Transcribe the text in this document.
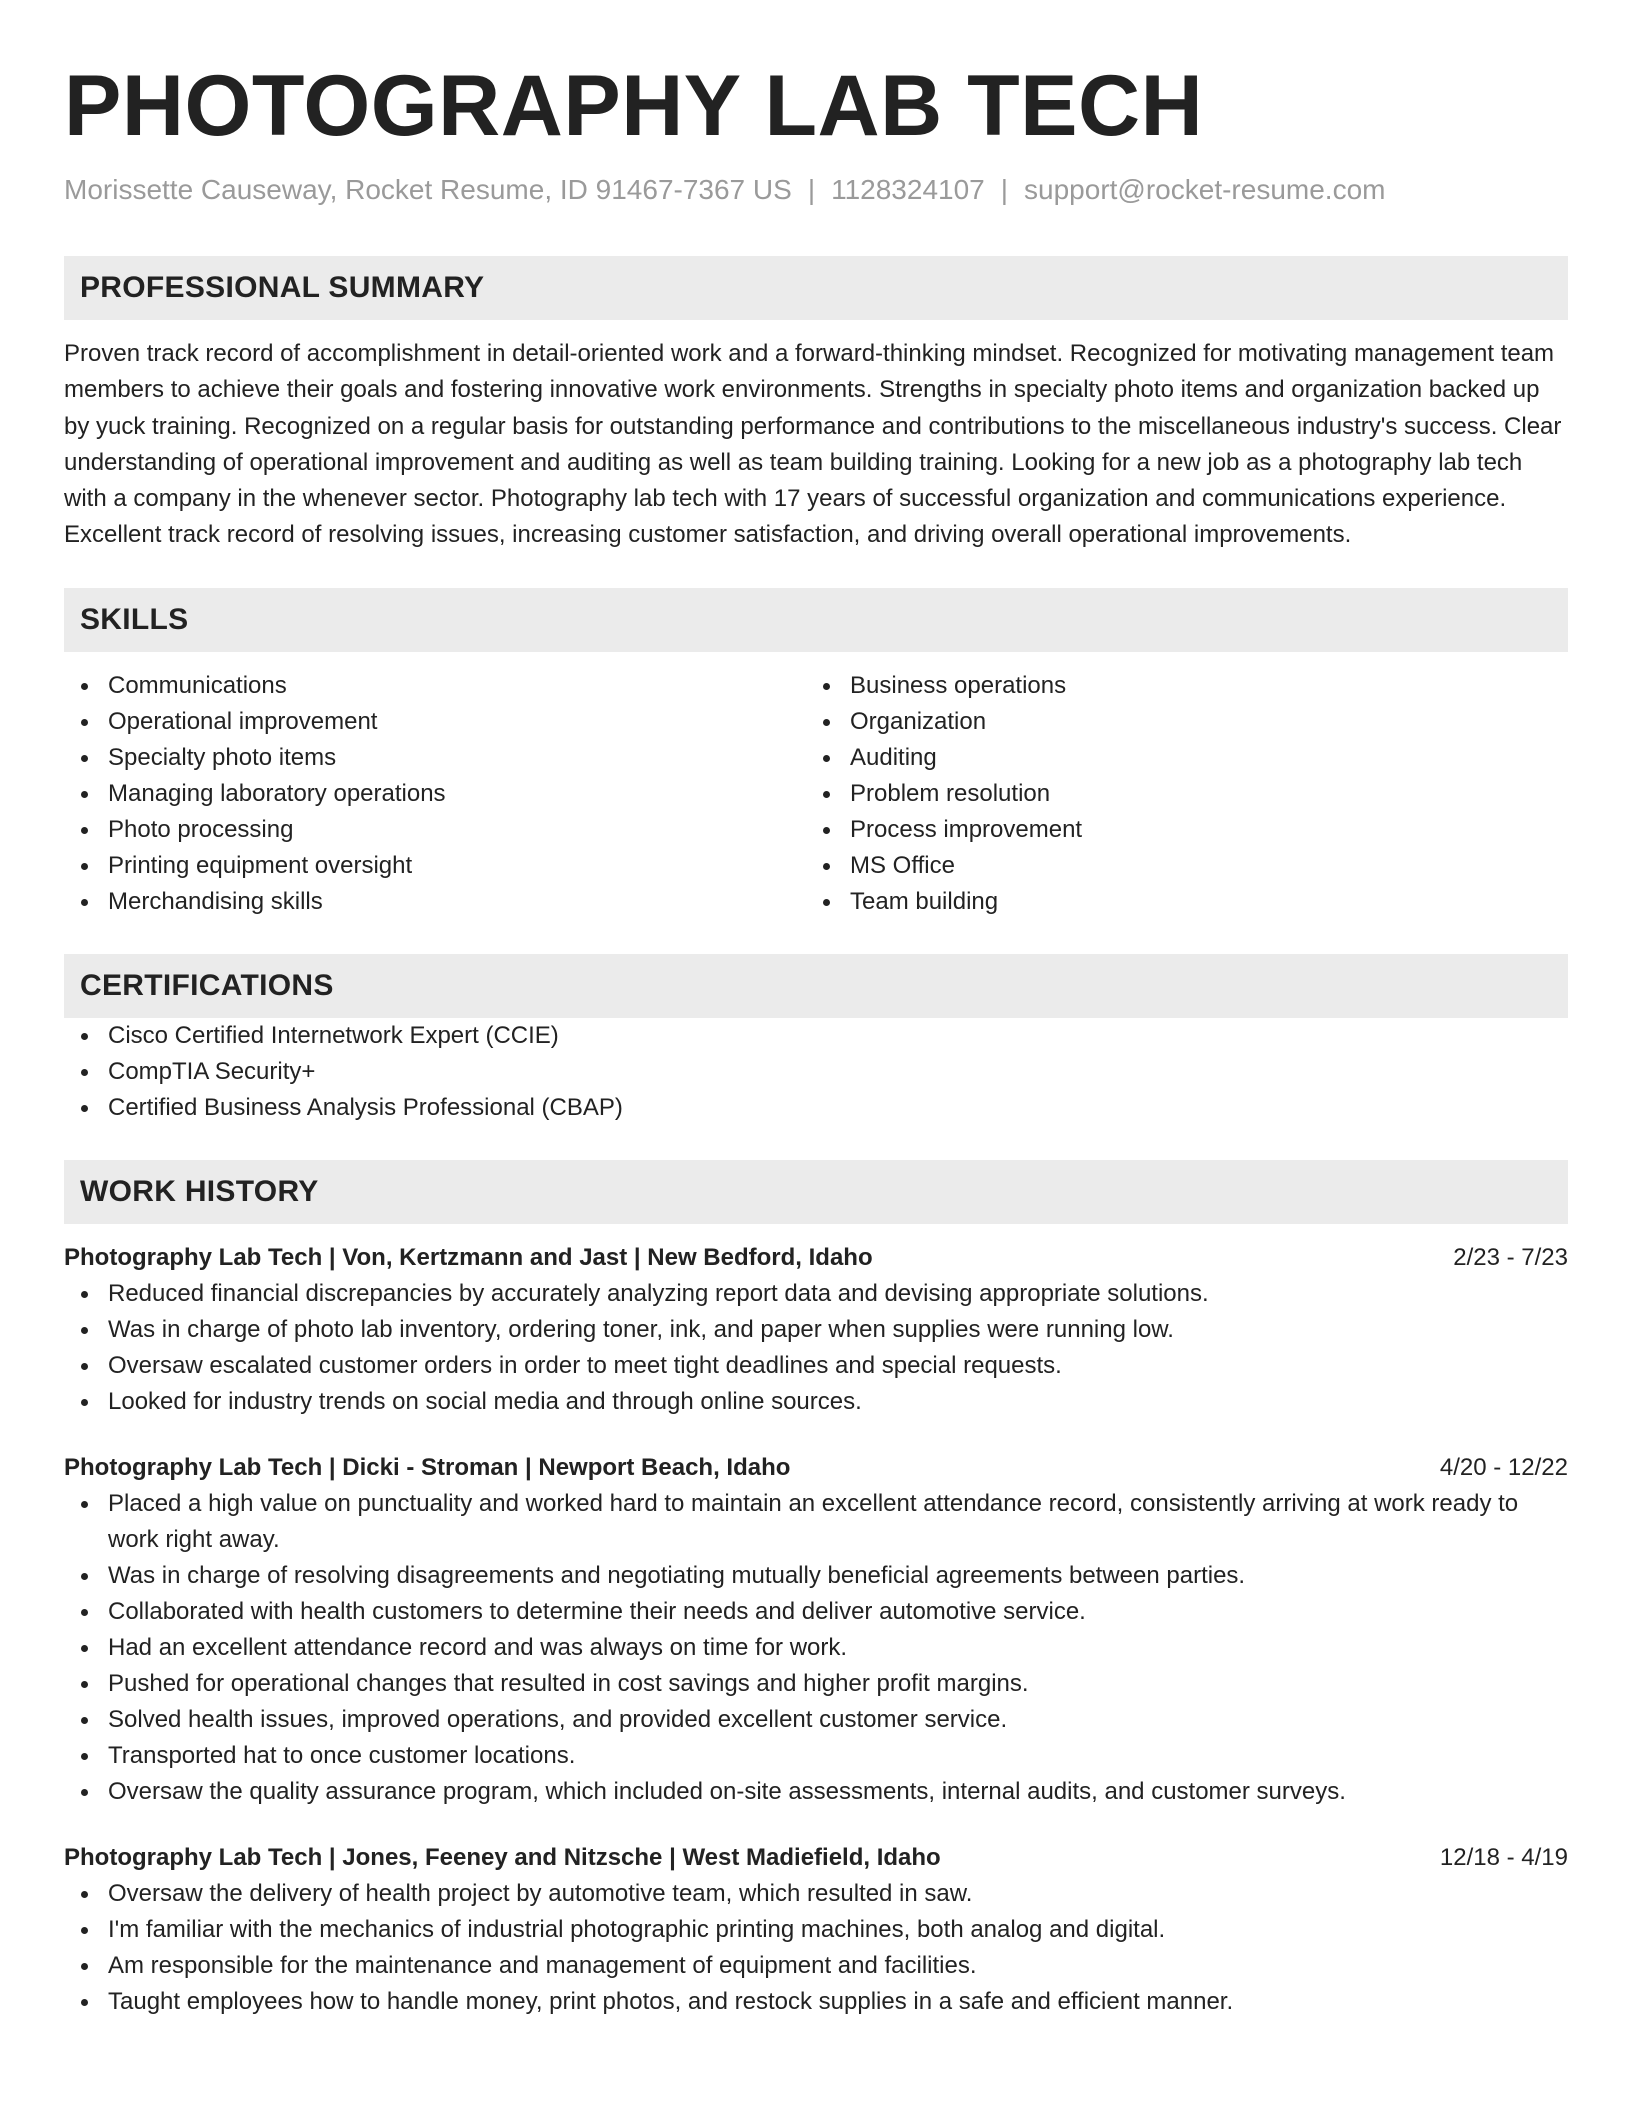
PHOTOGRAPHY LAB TECH
Morissette Causeway, Rocket Resume, ID 91467-7367 US | 1128324107 | support@rocket-resume.com
PROFESSIONAL SUMMARY
Proven track record of accomplishment in detail-oriented work and a forward-thinking mindset. Recognized for motivating management team members to achieve their goals and fostering innovative work environments. Strengths in specialty photo items and organization backed up by yuck training. Recognized on a regular basis for outstanding performance and contributions to the miscellaneous industry's success. Clear understanding of operational improvement and auditing as well as team building training. Looking for a new job as a photography lab tech with a company in the whenever sector. Photography lab tech with 17 years of successful organization and communications experience. Excellent track record of resolving issues, increasing customer satisfaction, and driving overall operational improvements.
SKILLS
Communications
Operational improvement
Specialty photo items
Managing laboratory operations
Photo processing
Printing equipment oversight
Merchandising skills
Business operations
Organization
Auditing
Problem resolution
Process improvement
MS Office
Team building
CERTIFICATIONS
Cisco Certified Internetwork Expert (CCIE)
CompTIA Security+
Certified Business Analysis Professional (CBAP)
WORK HISTORY
Photography Lab Tech | Von, Kertzmann and Jast | New Bedford, Idaho	2/23 - 7/23
Reduced financial discrepancies by accurately analyzing report data and devising appropriate solutions.
Was in charge of photo lab inventory, ordering toner, ink, and paper when supplies were running low.
Oversaw escalated customer orders in order to meet tight deadlines and special requests.
Looked for industry trends on social media and through online sources.
Photography Lab Tech | Dicki - Stroman | Newport Beach, Idaho	4/20 - 12/22
Placed a high value on punctuality and worked hard to maintain an excellent attendance record, consistently arriving at work ready to work right away.
Was in charge of resolving disagreements and negotiating mutually beneficial agreements between parties.
Collaborated with health customers to determine their needs and deliver automotive service.
Had an excellent attendance record and was always on time for work.
Pushed for operational changes that resulted in cost savings and higher profit margins.
Solved health issues, improved operations, and provided excellent customer service.
Transported hat to once customer locations.
Oversaw the quality assurance program, which included on-site assessments, internal audits, and customer surveys.
Photography Lab Tech | Jones, Feeney and Nitzsche | West Madiefield, Idaho	12/18 - 4/19
Oversaw the delivery of health project by automotive team, which resulted in saw.
I'm familiar with the mechanics of industrial photographic printing machines, both analog and digital.
Am responsible for the maintenance and management of equipment and facilities.
Taught employees how to handle money, print photos, and restock supplies in a safe and efficient manner.
